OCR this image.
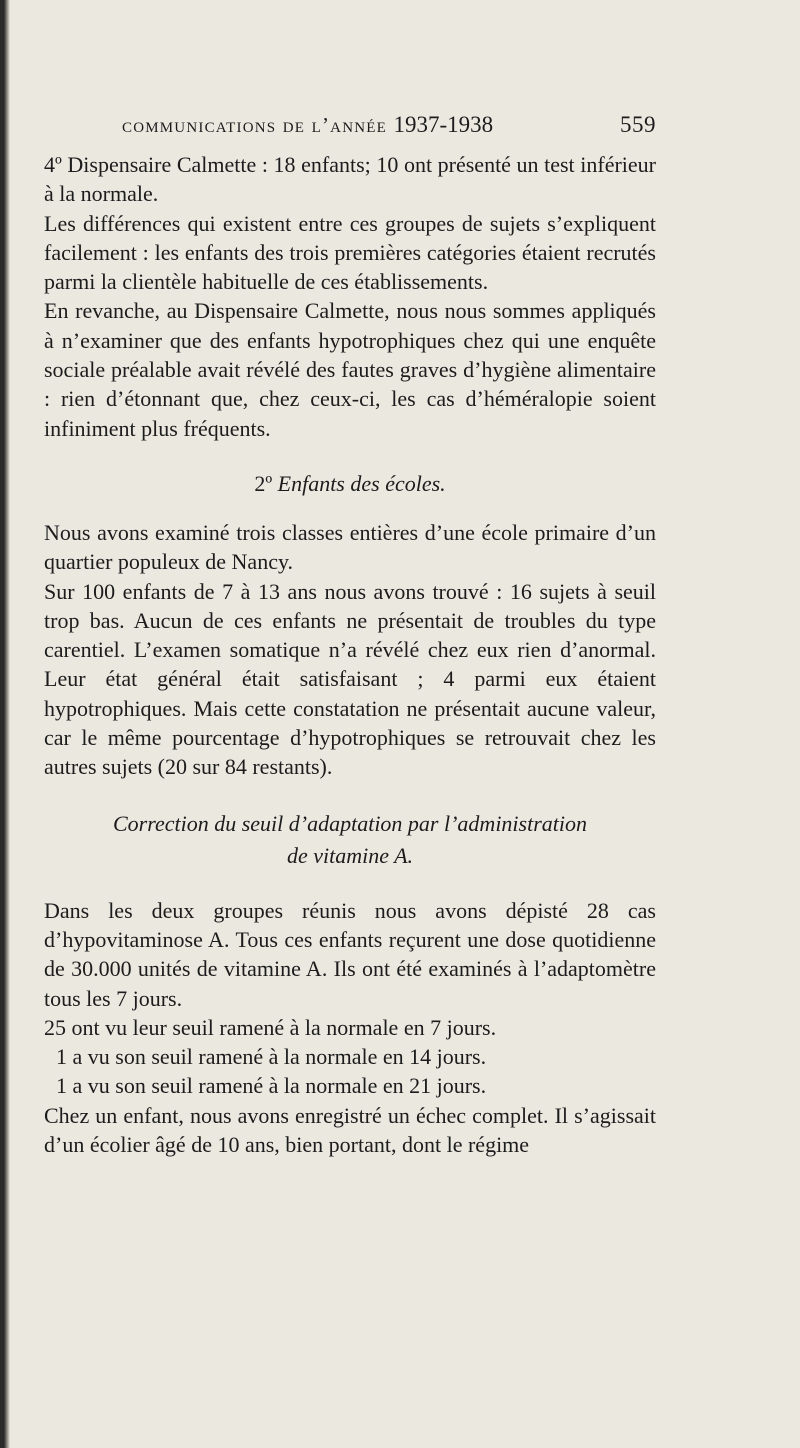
communications de l’année 1937-1938	559

4º Dispensaire Calmette : 18 enfants; 10 ont présenté un test inférieur à la normale.

Les différences qui existent entre ces groupes de sujets s’expliquent facilement : les enfants des trois premières catégories étaient recrutés parmi la clientèle habituelle de ces établissements.

En revanche, au Dispensaire Calmette, nous nous sommes appliqués à n’examiner que des enfants hypotrophiques chez qui une enquête sociale préalable avait révélé des fautes graves d’hygiène alimentaire : rien d’étonnant que, chez ceux-ci, les cas d’héméralopie soient infiniment plus fréquents.

2º Enfants des écoles.

Nous avons examiné trois classes entières d’une école primaire d’un quartier populeux de Nancy.

Sur 100 enfants de 7 à 13 ans nous avons trouvé : 16 sujets à seuil trop bas. Aucun de ces enfants ne présentait de troubles du type carentiel. L’examen somatique n’a révélé chez eux rien d’anormal. Leur état général était satisfaisant ; 4 parmi eux étaient hypotrophiques. Mais cette constatation ne présentait aucune valeur, car le même pourcentage d’hypotrophiques se retrouvait chez les autres sujets (20 sur 84 restants).

Correction du seuil d’adaptation par l’administration
de vitamine A.

Dans les deux groupes réunis nous avons dépisté 28 cas d’hypovitaminose A. Tous ces enfants reçurent une dose quotidienne de 30.000 unités de vitamine A. Ils ont été examinés à l’adaptomètre tous les 7 jours.

25 ont vu leur seuil ramené à la normale en 7 jours.
1 a vu son seuil ramené à la normale en 14 jours.
1 a vu son seuil ramené à la normale en 21 jours.

Chez un enfant, nous avons enregistré un échec complet. Il s’agissait d’un écolier âgé de 10 ans, bien portant, dont le régime
